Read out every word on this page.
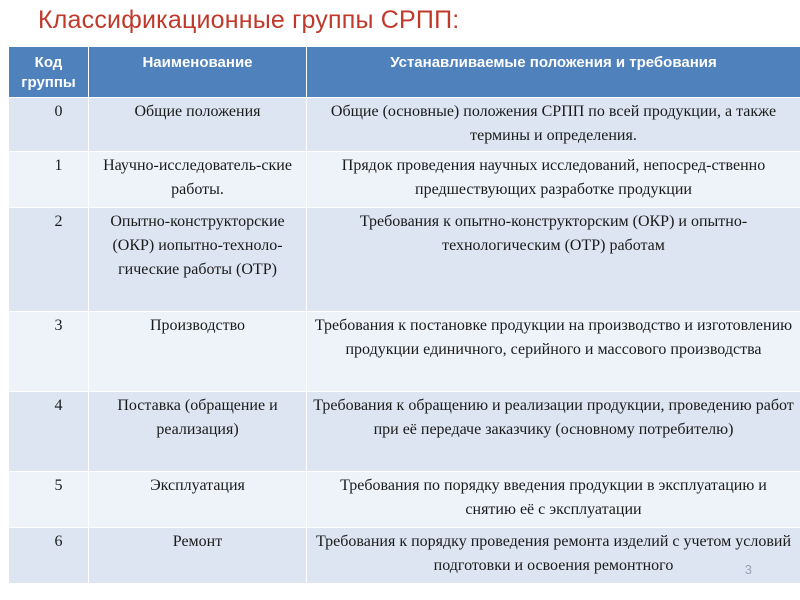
Классификационные группы СРПП:
Код группы	Наименование	Устанавливаемые положения и требования
0	Общие положения	Общие (основные) положения СРПП по всей продукции, а также термины и определения.
1	Научно-исследователь-ские работы.	Прядок проведения научных исследований, непосред-ственно предшествующих разработке продукции
2	Опытно-конструкторские (ОКР) иопытно-техноло-гические работы (ОТР)	Требования к опытно-конструкторским (ОКР) и опытно-технологическим (ОТР) работам
3	Производство	Требования к постановке продукции на производство и изготовлению продукции единичного, серийного и массового производства
4	Поставка (обращение и реализация)	Требования к обращению и реализации продукции, проведению работ при её передаче заказчику (основному потребителю)
5	Эксплуатация	Требования по порядку введения продукции в эксплуатацию и снятию её с эксплуатации
6	Ремонт	Требования к порядку проведения ремонта изделий с учетом условий подготовки и освоения ремонтного	3
